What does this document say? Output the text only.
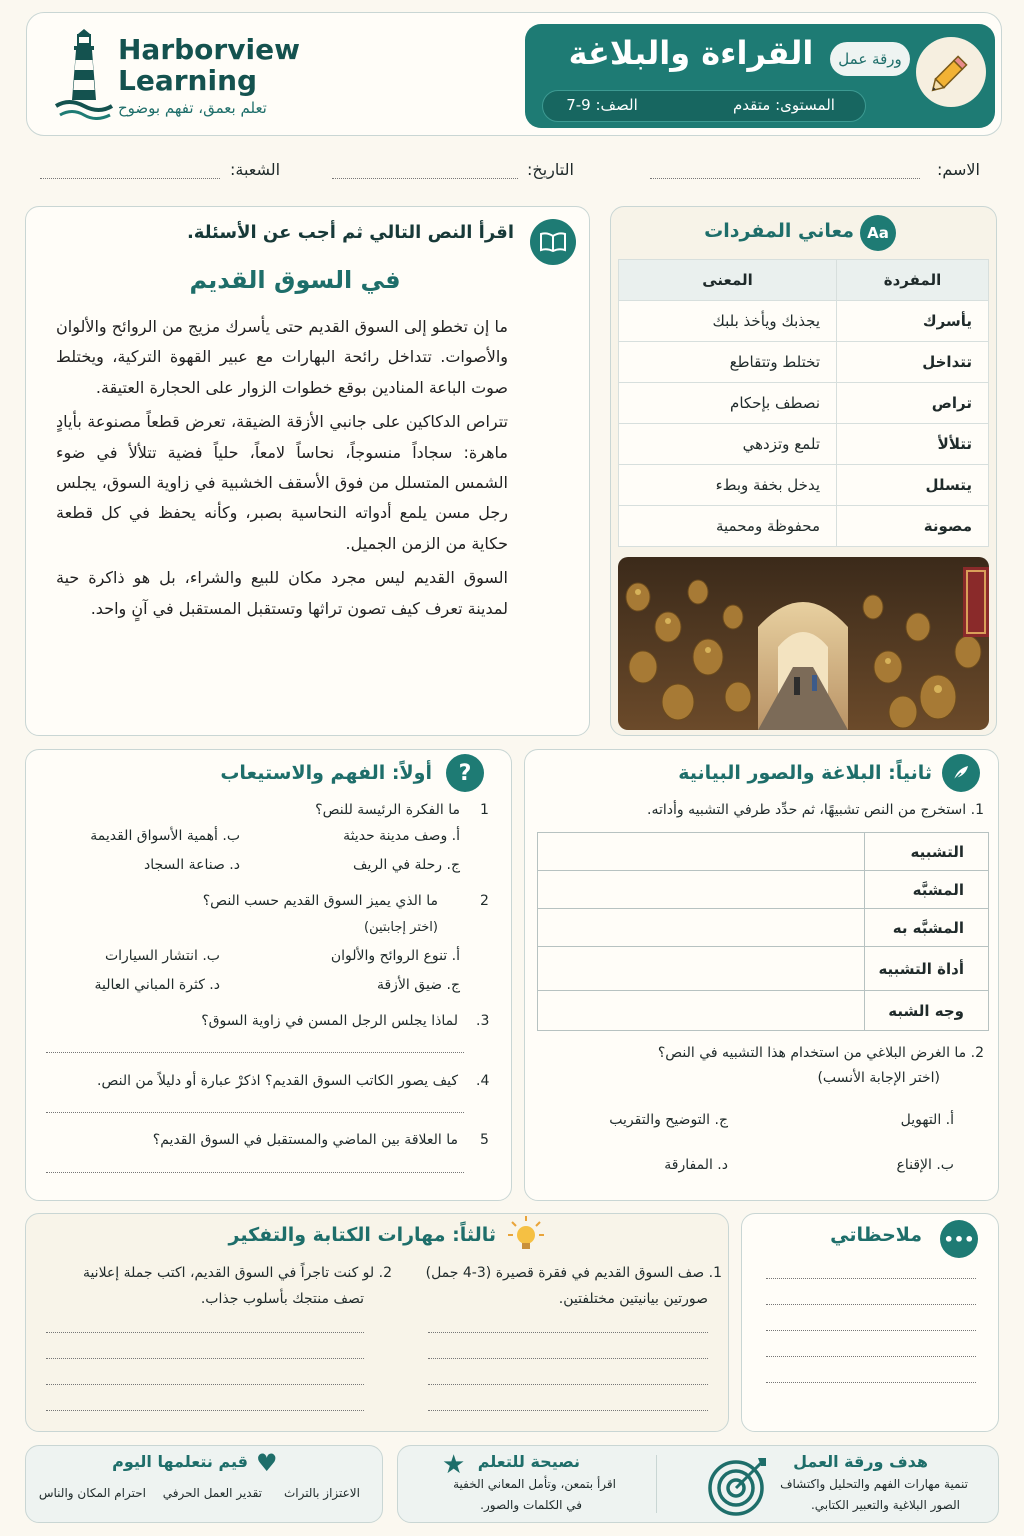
Harborview
Learning
تعلم بعمق، تفهم بوضوح
ورقة عمل
القراءة والبلاغة
المستوى: متقدم
الصف: 9-7
الاسم:
التاريخ:
الشعبة:
اقرأ النص التالي ثم أجب عن الأسئلة.
في السوق القديم

ما إن تخطو إلى السوق القديم حتى يأسرك مزيج من الروائح والألوان والأصوات. تتداخل رائحة البهارات مع عبير القهوة التركية، ويختلط صوت الباعة المنادين بوقع خطوات الزوار على الحجارة العتيقة.

تتراص الدكاكين على جانبي الأزقة الضيقة، تعرض قطعاً مصنوعة بأيادٍ ماهرة: سجاداً منسوجاً، نحاساً لامعاً، حلياً فضية تتلألأ في ضوء الشمس المتسلل من فوق الأسقف الخشبية في زاوية السوق، يجلس رجل مسن يلمع أدواته النحاسية بصبر، وكأنه يحفظ في كل قطعة حكاية من الزمن الجميل.

السوق القديم ليس مجرد مكان للبيع والشراء، بل هو ذاكرة حية لمدينة تعرف كيف تصون تراثها وتستقبل المستقبل في آنٍ واحد.

Aa
معاني المفردات
المفردة	المعنى
يأسرك	يجذبك ويأخذ بلبك
تتداخل	تختلط وتتقاطع
تراص	نصطف بإحكام
تتلألأ	تلمع وتزدهي
يتسلل	يدخل بخفة وبطء
مصونة	محفوظة ومحمية
?
أولاً: الفهم والاستيعاب
1
ما الفكرة الرئيسة للنص؟
أ. وصف مدينة حديثة
ب. أهمية الأسواق القديمة
ج. رحلة في الريف
د. صناعة السجاد
2
ما الذي يميز السوق القديم حسب النص؟
(اختر إجابتين)
أ. تنوع الروائح والألوان
ب. انتشار السيارات
ج. ضيق الأزقة
د. كثرة المباني العالية
3.
لماذا يجلس الرجل المسن في زاوية السوق؟
4.
كيف يصور الكاتب السوق القديم؟ اذكرْ عبارة أو دليلاً من النص.
5
ما العلاقة بين الماضي والمستقبل في السوق القديم؟
ثانياً: البلاغة والصور البيانية
1. استخرج من النص تشبيهًا، ثم حدِّد طرفي التشبيه وأداته.
التشبيه	
المشبَّه	
المشبَّه به	
أداة التشبيه	
وجه الشبه	
2. ما الغرض البلاغي من استخدام هذا التشبيه في النص؟
(اختر الإجابة الأنسب)
أ. التهويل
ج. التوضيح والتقريب
ب. الإقناع
د. المفارقة
ثالثاً: مهارات الكتابة والتفكير
1. صف السوق القديم في فقرة قصيرة (3-4 جمل)
صورتين بيانيتين مختلفتين.
2. لو كنت تاجراً في السوق القديم، اكتب جملة إعلانية
تصف منتجك بأسلوب جذاب.
•••
ملاحظاتي
هدف ورقة العمل
تنمية مهارات الفهم والتحليل واكتشاف
الصور البلاغية والتعبير الكتابي.
★ نصيحة للتعلم
اقرأ بتمعن، وتأمل المعاني الخفية
في الكلمات والصور.
♥
قيم نتعلمها اليوم
الاعتزاز بالتراث
تقدير العمل الحرفي
احترام المكان والناس
